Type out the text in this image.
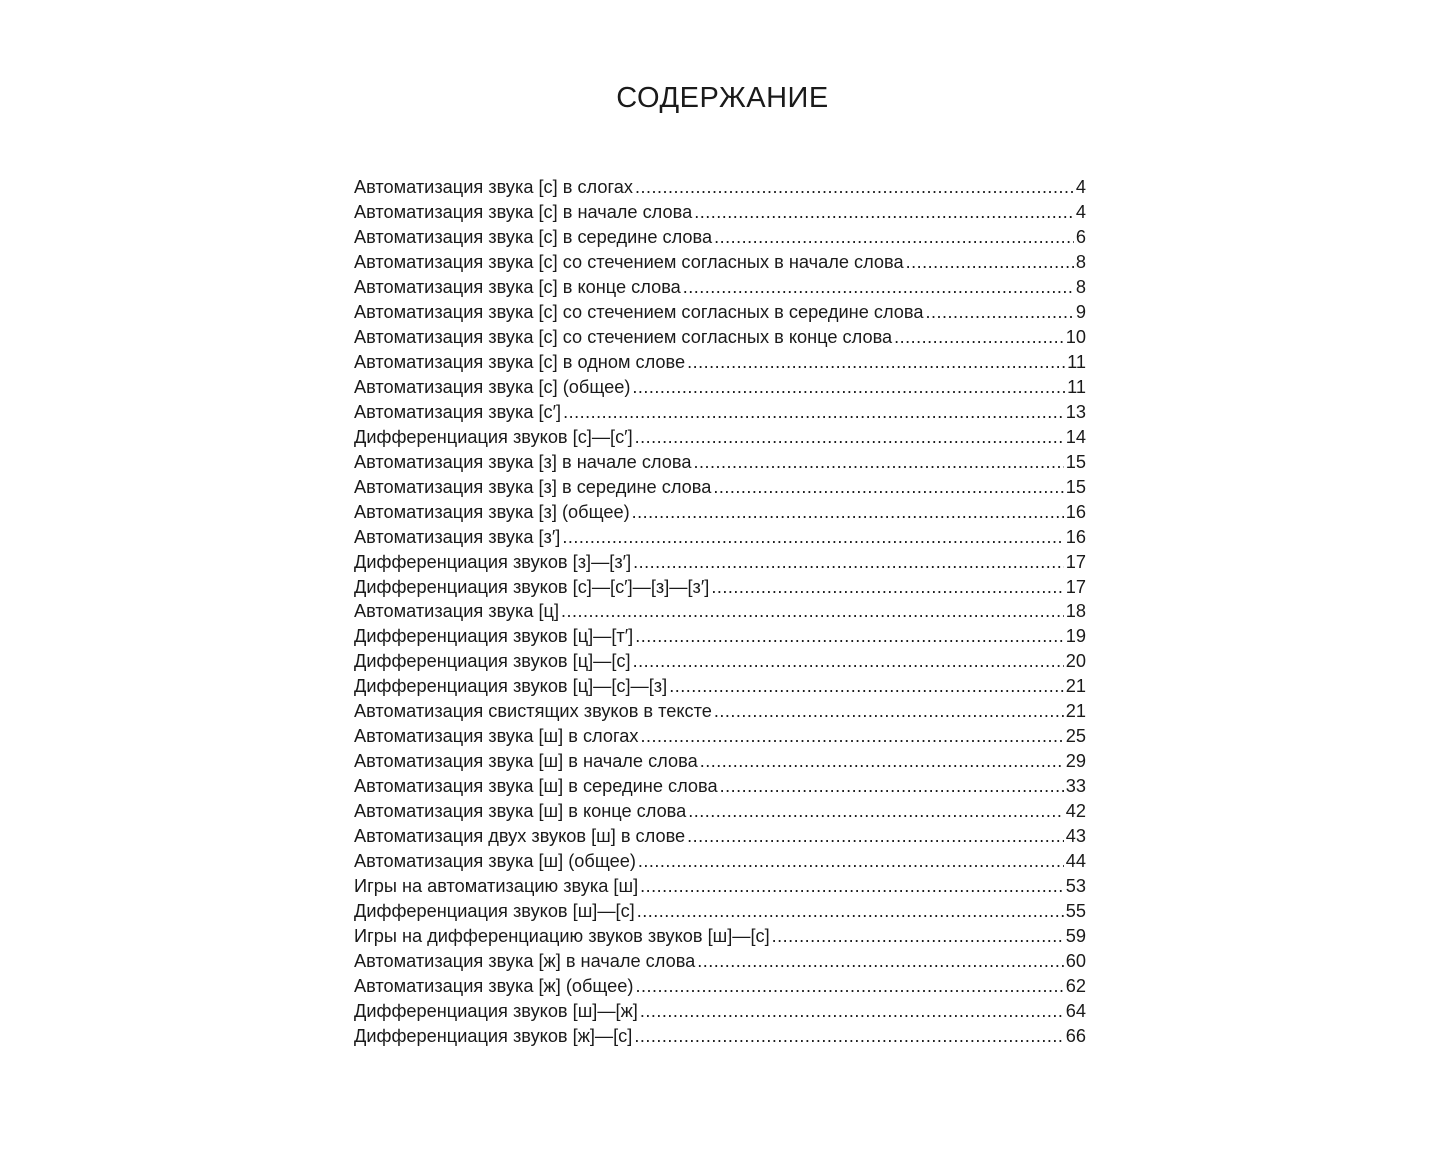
СОДЕРЖАНИЕ
Автоматизация звука [с] в слогах .....	4
Автоматизация звука [с] в начале слова .....	4
Автоматизация звука [с] в середине слова .....	6
Автоматизация звука [с] со стечением согласных в начале слова .....	8
Автоматизация звука [с] в конце слова .....	8
Автоматизация звука [с] со стечением согласных в середине слова .....	9
Автоматизация звука [с] со стечением согласных в конце слова .....	10
Автоматизация звука [с] в одном слове .....	11
Автоматизация звука [с] (общее) .....	11
Автоматизация звука [с′] .....	13
Дифференциация звуков [с]—[с′] .....	14
Автоматизация звука [з] в начале слова .....	15
Автоматизация звука [з] в середине слова .....	15
Автоматизация звука [з] (общее) .....	16
Автоматизация звука [з′] .....	16
Дифференциация звуков [з]—[з′] .....	17
Дифференциация звуков [с]—[с′]—[з]—[з′] .....	17
Автоматизация звука [ц] .....	18
Дифференциация звуков [ц]—[т′] .....	19
Дифференциация звуков [ц]—[с] .....	20
Дифференциация звуков [ц]—[с]—[з] .....	21
Автоматизация свистящих звуков в тексте .....	21
Автоматизация звука [ш] в слогах .....	25
Автоматизация звука [ш] в начале слова .....	29
Автоматизация звука [ш] в середине слова .....	33
Автоматизация звука [ш] в конце слова .....	42
Автоматизация двух звуков [ш] в слове .....	43
Автоматизация звука [ш] (общее) .....	44
Игры на автоматизацию звука [ш] .....	53
Дифференциация звуков [ш]—[с] .....	55
Игры на дифференциацию звуков звуков [ш]—[с] .....	59
Автоматизация звука [ж] в начале слова .....	60
Автоматизация звука [ж] (общее) .....	62
Дифференциация звуков [ш]—[ж] .....	64
Дифференциация звуков [ж]—[с] .....	66
